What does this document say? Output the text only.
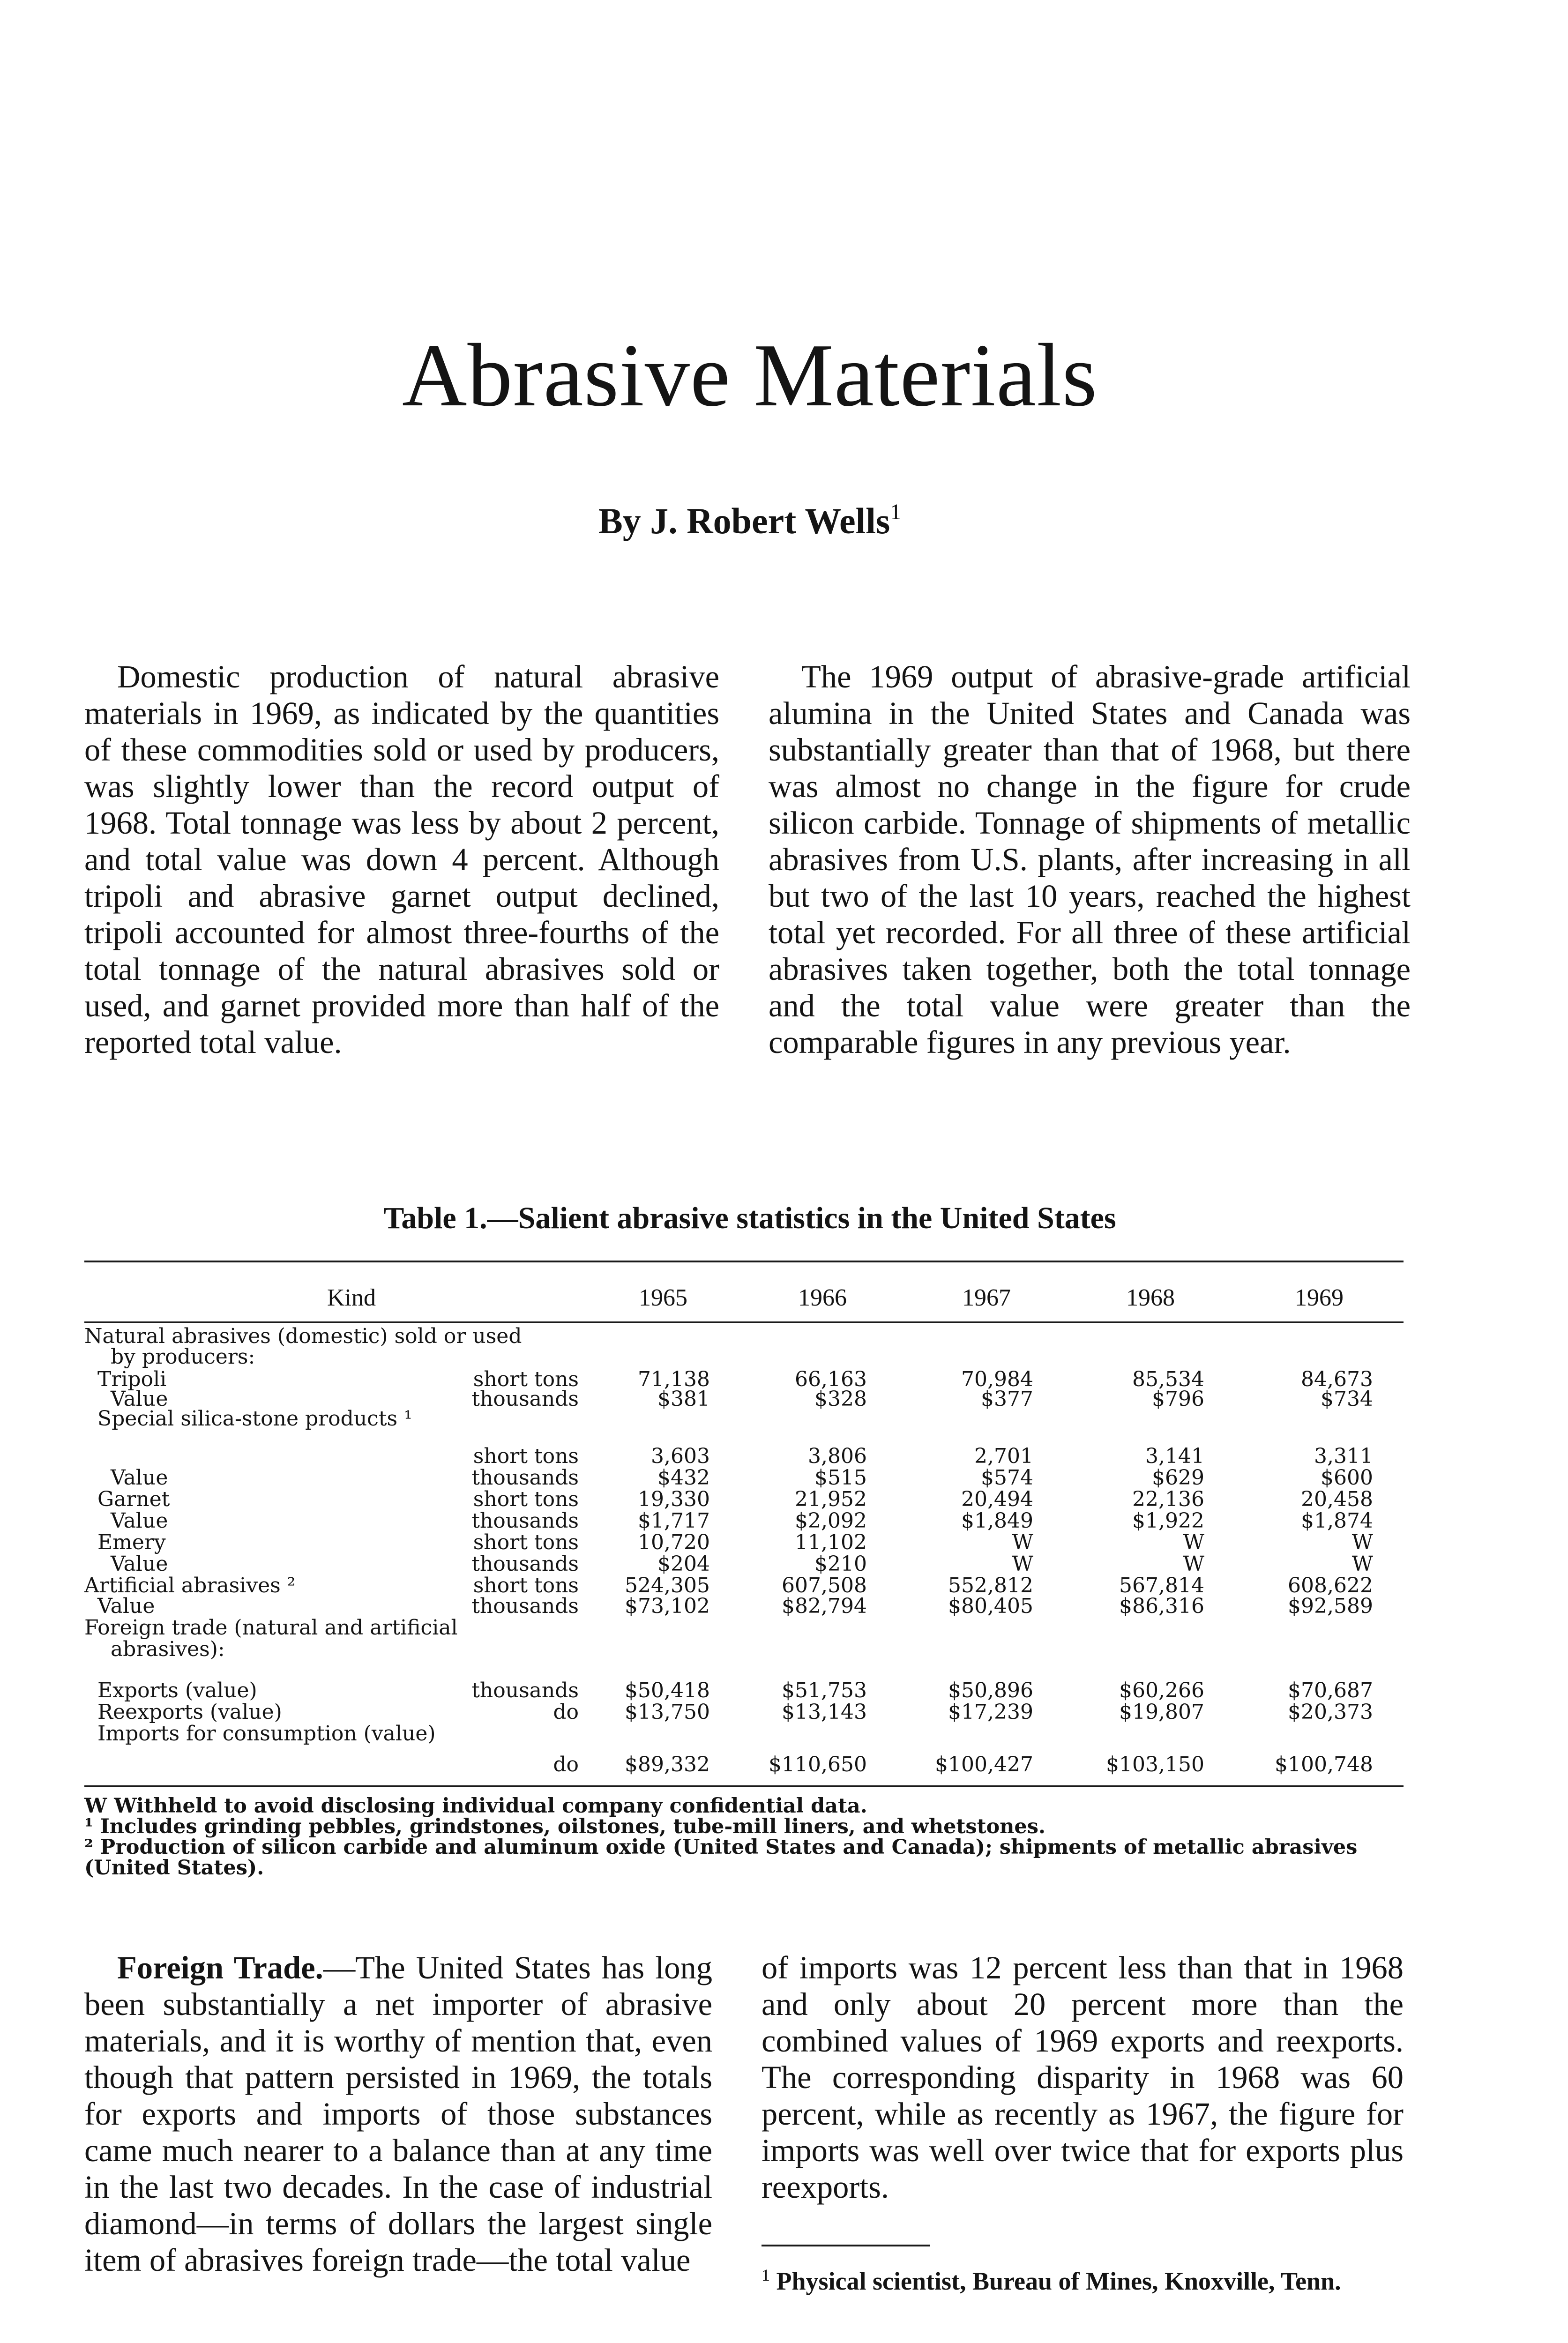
Abrasive Materials
By J. Robert Wells$^1$
Domestic production of natural abrasive materials in 1969, as indicated by the quantities of these commodities sold or used by producers, was slightly lower than the record output of 1968. Total tonnage was less by about 2 percent, and total value was down 4 percent. Although tripoli and abrasive garnet output declined, tripoli accounted for almost three-fourths of the total tonnage of the natural abrasives sold or used, and garnet provided more than half of the reported total value.
The 1969 output of abrasive-grade artificial alumina in the United States and Canada was substantially greater than that of 1968, but there was almost no change in the figure for crude silicon carbide. Tonnage of shipments of metallic abrasives from U.S. plants, after increasing in all but two of the last 10 years, reached the highest total yet recorded. For all three of these artificial abrasives taken together, both the total tonnage and the total value were greater than the comparable figures in any previous year.
Table 1.—Salient abrasive statistics in the United States
Kind	1965	1966	1967	1968	1969
Natural abrasives (domestic) sold or used
by producers:
Tripoli	short tons	71,138	66,163	70,984	85,534	84,673
Value	thousands	$381	$328	$377	$796	$734
Special silica-stone products ¹
short tons	3,603	3,806	2,701	3,141	3,311
Value	thousands	$432	$515	$574	$629	$600
Garnet	short tons	19,330	21,952	20,494	22,136	20,458
Value	thousands	$1,717	$2,092	$1,849	$1,922	$1,874
Emery	short tons	10,720	11,102	W	W	W
Value	thousands	$204	$210	W	W	W
Artificial abrasives ²	short tons	524,305	607,508	552,812	567,814	608,622
Value	thousands	$73,102	$82,794	$80,405	$86,316	$92,589
Foreign trade (natural and artificial
abrasives):
Exports (value)	thousands	$50,418	$51,753	$50,896	$60,266	$70,687
Reexports (value)	do	$13,750	$13,143	$17,239	$19,807	$20,373
Imports for consumption (value)
do	$89,332	$110,650	$100,427	$103,150	$100,748
W Withheld to avoid disclosing individual company confidential data.
¹ Includes grinding pebbles, grindstones, oilstones, tube-mill liners, and whetstones.
² Production of silicon carbide and aluminum oxide (United States and Canada); shipments of metallic abrasives (United States).
Foreign Trade.—The United States has long been substantially a net importer of abrasive materials, and it is worthy of mention that, even though that pattern persisted in 1969, the totals for exports and imports of those substances came much nearer to a balance than at any time in the last two decades. In the case of industrial diamond—in terms of dollars the largest single item of abrasives foreign trade—the total value
of imports was 12 percent less than that in 1968 and only about 20 percent more than the combined values of 1969 exports and reexports. The corresponding disparity in 1968 was 60 percent, while as recently as 1967, the figure for imports was well over twice that for exports plus reexports.
$^1$ Physical scientist, Bureau of Mines, Knoxville, Tenn.
